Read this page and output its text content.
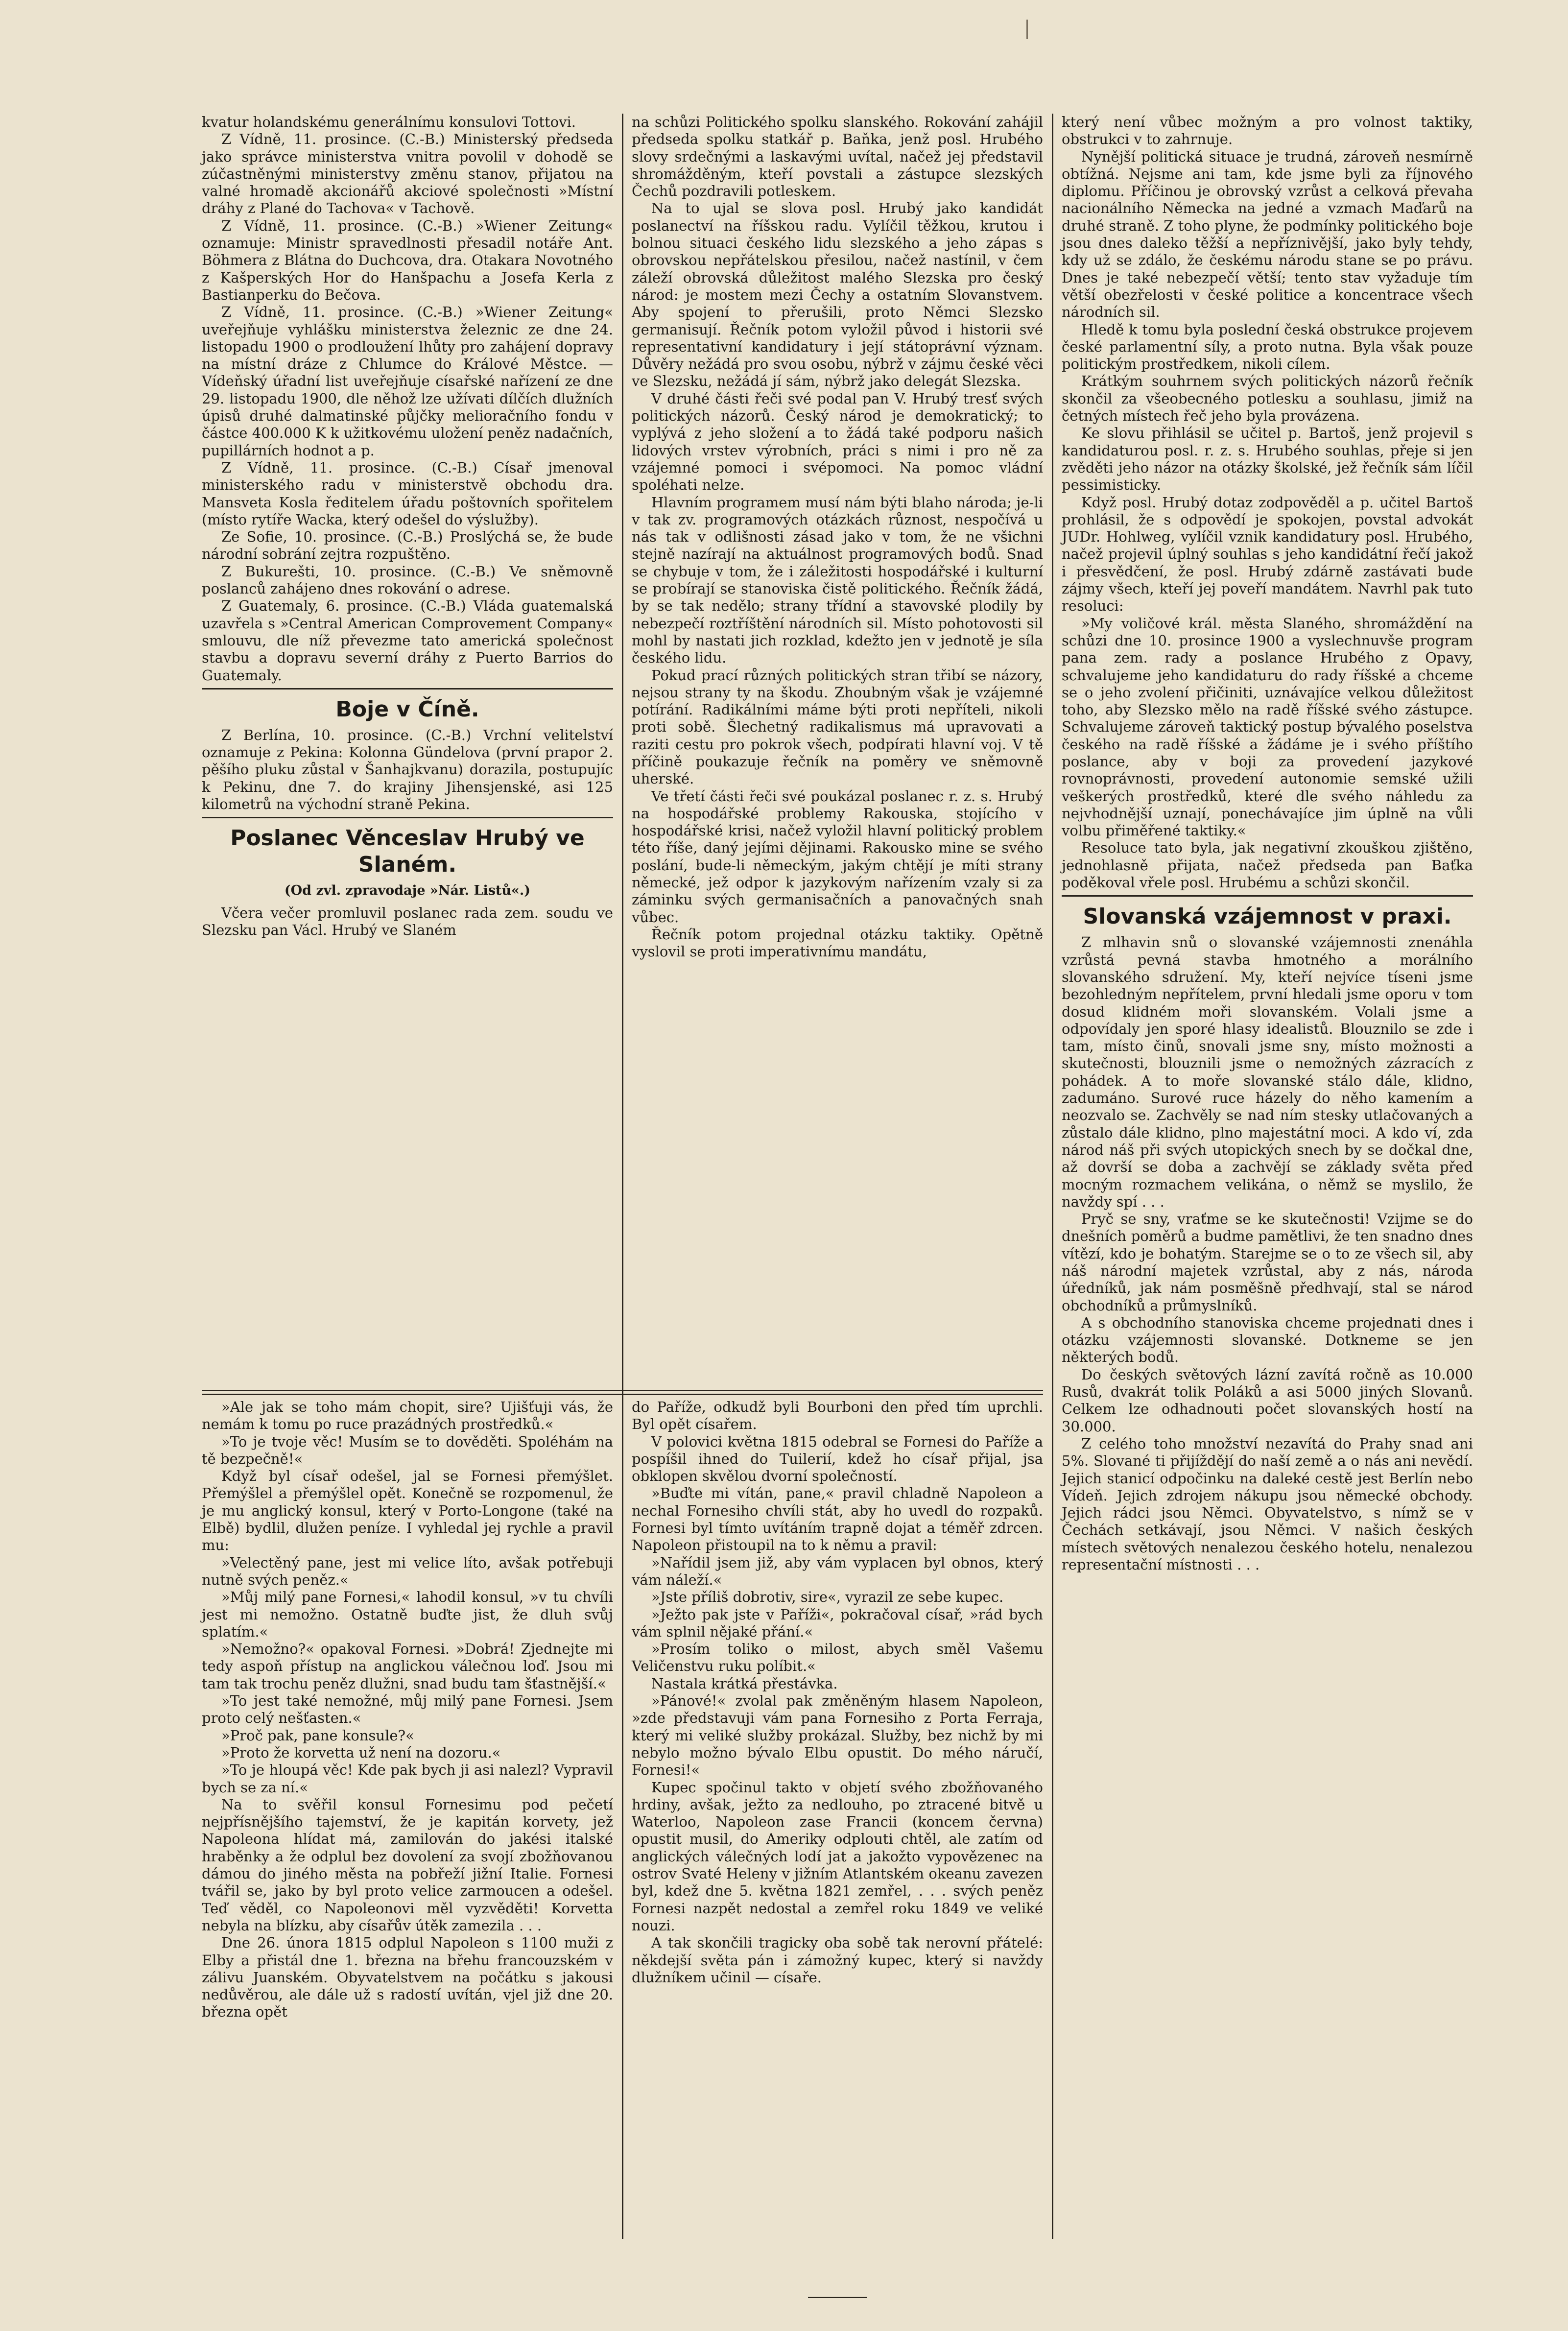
kvatur holandskému generálnímu konsulovi Tottovi.

Z Vídně, 11. prosince. (C.-B.) Ministerský předseda jako správce ministerstva vnitra povolil v dohodě se zúčastněnými ministerstvy změnu stanov, přijatou na valné hromadě akcionářů akciové společnosti »Místní dráhy z Plané do Tachova« v Tachově.

Z Vídně, 11. prosince. (C.-B.) »Wiener Zeitung« oznamuje: Ministr spravedlnosti přesadil notáře Ant. Böhmera z Blátna do Duchcova, dra. Otakara Novotného z Kašperských Hor do Hanšpachu a Josefa Kerla z Bastianperku do Bečova.

Z Vídně, 11. prosince. (C.-B.) »Wiener Zeitung« uveřejňuje vyhlášku ministerstva železnic ze dne 24. listopadu 1900 o prodloužení lhůty pro zahájení dopravy na místní dráze z Chlumce do Králové Městce. — Vídeňský úřadní list uveřejňuje císařské nařízení ze dne 29. listopadu 1900, dle něhož lze užívati dílčích dlužních úpisů druhé dalmatinské půjčky melioračního fondu v částce 400.000 K k užitkovému uložení peněz nadačních, pupillárních hodnot a p.

Z Vídně, 11. prosince. (C.-B.) Císař jmenoval ministerského radu v ministerstvě obchodu dra. Mansveta Kosla ředitelem úřadu poštovních spořitelem (místo rytíře Wacka, který odešel do výslužby).

Ze Sofie, 10. prosince. (C.-B.) Proslýchá se, že bude národní sobrání zejtra rozpuštěno.

Z Bukurešti, 10. prosince. (C.-B.) Ve sněmovně poslanců zahájeno dnes rokování o adrese.

Z Guatemaly, 6. prosince. (C.-B.) Vláda guatemalská uzavřela s »Central American Comprovement Company« smlouvu, dle níž převezme tato americká společnost stavbu a dopravu severní dráhy z Puerto Barrios do Guatemaly.

Boje v Číně.

Z Berlína, 10. prosince. (C.-B.) Vrchní velitelství oznamuje z Pekina: Kolonna Gündelova (první prapor 2. pěšího pluku zůstal v Šanhajkvanu) dorazila, postupujíc k Pekinu, dne 7. do krajiny Jihensjenské, asi 125 kilometrů na východní straně Pekina.

Poslanec Věnceslav Hrubý ve Slaném.
(Od zvl. zpravodaje »Nár. Listů«.)

Včera večer promluvil poslanec rada zem. soudu ve Slezsku pan Václ. Hrubý ve Slaném

na schůzi Politického spolku slanského. Rokování zahájil předseda spolku statkář p. Baňka, jenž posl. Hrubého slovy srdečnými a laskavými uvítal, načež jej představil shromážděným, kteří povstali a zástupce slezských Čechů pozdravili potleskem.

Na to ujal se slova posl. Hrubý jako kandidát poslanectví na říšskou radu. Vylíčil těžkou, krutou i bolnou situaci českého lidu slezského a jeho zápas s obrovskou nepřátelskou přesilou, načež nastínil, v čem záleží obrovská důležitost malého Slezska pro český národ: je mostem mezi Čechy a ostatním Slovanstvem. Aby spojení to přerušili, proto Němci Slezsko germanisují. Řečník potom vyložil původ i historii své representativní kandidatury i její státoprávní význam. Důvěry nežádá pro svou osobu, nýbrž v zájmu české věci ve Slezsku, nežádá jí sám, nýbrž jako delegát Slezska.

V druhé části řeči své podal pan V. Hrubý tresť svých politických názorů. Český národ je demokratický; to vyplývá z jeho složení a to žádá také podporu našich lidových vrstev výrobních, práci s nimi i pro ně za vzájemné pomoci i svépomoci. Na pomoc vládní spoléhati nelze.

Hlavním programem musí nám býti blaho národa; je-li v tak zv. programových otázkách různost, nespočívá u nás tak v odlišnosti zásad jako v tom, že ne všichni stejně nazírají na aktuálnost programových bodů. Snad se chybuje v tom, že i záležitosti hospodářské i kulturní se probírají se stanoviska čistě politického. Řečník žádá, by se tak nedělo; strany třídní a stavovské plodily by nebezpečí roztříštění národních sil. Místo pohotovosti sil mohl by nastati jich rozklad, kdežto jen v jednotě je síla českého lidu.

Pokud prací různých politických stran třibí se názory, nejsou strany ty na škodu. Zhoubným však je vzájemné potírání. Radikálními máme býti proti nepříteli, nikoli proti sobě. Šlechetný radikalismus má upravovati a raziti cestu pro pokrok všech, podpírati hlavní voj. V tě příčině poukazuje řečník na poměry ve sněmovně uherské.

Ve třetí části řeči své poukázal poslanec r. z. s. Hrubý na hospodářské problemy Rakouska, stojícího v hospodářské krisi, načež vyložil hlavní politický problem této říše, daný jejími dějinami. Rakousko mine se svého poslání, bude-li německým, jakým chtějí je míti strany německé, jež odpor k jazykovým nařízením vzaly si za záminku svých germanisačních a panovačných snah vůbec.

Řečník potom projednal otázku taktiky. Opětně vyslovil se proti imperativnímu mandátu,

který není vůbec možným a pro volnost taktiky, obstrukci v to zahrnuje.

Nynější politická situace je trudná, zároveň nesmírně obtížná. Nejsme ani tam, kde jsme byli za říjnového diplomu. Příčinou je obrovský vzrůst a celková převaha nacionálního Německa na jedné a vzmach Maďarů na druhé straně. Z toho plyne, že podmínky politického boje jsou dnes daleko těžší a nepříznivější, jako byly tehdy, kdy už se zdálo, že českému národu stane se po právu. Dnes je také nebezpečí větší; tento stav vyžaduje tím větší obezřelosti v české politice a koncentrace všech národních sil.

Hledě k tomu byla poslední česká obstrukce projevem české parlamentní síly, a proto nutna. Byla však pouze politickým prostředkem, nikoli cílem.

Krátkým souhrnem svých politických názorů řečník skončil za všeobecného potlesku a souhlasu, jimiž na četných místech řeč jeho byla provázena.

Ke slovu přihlásil se učitel p. Bartoš, jenž projevil s kandidaturou posl. r. z. s. Hrubého souhlas, přeje si jen zvěděti jeho názor na otázky školské, jež řečník sám líčil pessimisticky.

Když posl. Hrubý dotaz zodpověděl a p. učitel Bartoš prohlásil, že s odpovědí je spokojen, povstal advokát JUDr. Hohlweg, vylíčil vznik kandidatury posl. Hrubého, načež projevil úplný souhlas s jeho kandidátní řečí jakož i přesvědčení, že posl. Hrubý zdárně zastávati bude zájmy všech, kteří jej poveří mandátem. Navrhl pak tuto resoluci:

»My voličové král. města Slaného, shromáždění na schůzi dne 10. prosince 1900 a vyslechnuvše program pana zem. rady a poslance Hrubého z Opavy, schvalujeme jeho kandidaturu do rady říšské a chceme se o jeho zvolení přičiniti, uznávajíce velkou důležitost toho, aby Slezsko mělo na radě říšské svého zástupce. Schvalujeme zároveň taktický postup bývalého poselstva českého na radě říšské a žádáme je i svého příštího poslance, aby v boji za provedení jazykové rovnoprávnosti, provedení autonomie semské užili veškerých prostředků, které dle svého náhledu za nejvhodnější uznají, ponechávajíce jim úplně na vůli volbu přiměřené taktiky.«

Resoluce tato byla, jak negativní zkouškou zjištěno, jednohlasně přijata, načež předseda pan Baťka poděkoval vřele posl. Hrubému a schůzi skončil.

Slovanská vzájemnost v praxi.

Z mlhavin snů o slovanské vzájemnosti znenáhla vzrůstá pevná stavba hmotného a morálního slovanského sdružení. My, kteří nejvíce tíseni jsme bezohledným nepřítelem, první hledali jsme oporu v tom dosud klidném moři slovanském. Volali jsme a odpovídaly jen sporé hlasy idealistů. Blouznilo se zde i tam, místo činů, snovali jsme sny, místo možnosti a skutečnosti, blouznili jsme o nemožných zázracích z pohádek. A to moře slovanské stálo dále, klidno, zadumáno. Surové ruce házely do něho kamením a neozvalo se. Zachvěly se nad ním stesky utlačovaných a zůstalo dále klidno, plno majestátní moci. A kdo ví, zda národ náš při svých utopických snech by se dočkal dne, až dovrší se doba a zachvějí se základy světa před mocným rozmachem velikána, o němž se myslilo, že navždy spí . . .

Pryč se sny, vraťme se ke skutečnosti! Vzijme se do dnešních poměrů a budme pamětlivi, že ten snadno dnes vítězí, kdo je bohatým. Starejme se o to ze všech sil, aby náš národní majetek vzrůstal, aby z nás, národa úředníků, jak nám posměšně předhvají, stal se národ obchodníků a průmyslníků.

A s obchodního stanoviska chceme projednati dnes i otázku vzájemnosti slovanské. Dotkneme se jen některých bodů.

Do českých světových lázní zavítá ročně as 10.000 Rusů, dvakrát tolik Poláků a asi 5000 jiných Slovanů. Celkem lze odhadnouti počet slovanských hostí na 30.000.

Z celého toho množství nezavítá do Prahy snad ani 5%. Slované ti přijíždějí do naší země a o nás ani nevědí. Jejich stanicí odpočinku na daleké cestě jest Berlín nebo Vídeň. Jejich zdrojem nákupu jsou německé obchody. Jejich rádci jsou Němci. Obyvatelstvo, s nímž se v Čechách setkávají, jsou Němci. V našich českých místech světových nenalezou českého hotelu, nenalezou representační místnosti . . .

»Ale jak se toho mám chopit, sire? Ujišťuji vás, že nemám k tomu po ruce prazádných prostředků.«

»To je tvoje věc! Musím se to dověděti. Spoléhám na tě bezpečně!«

Když byl císař odešel, jal se Fornesi přemýšlet. Přemýšlel a přemýšlel opět. Konečně se rozpomenul, že je mu anglický konsul, který v Porto-Longone (také na Elbě) bydlil, dlužen peníze. I vyhledal jej rychle a pravil mu:

»Velectěný pane, jest mi velice líto, avšak potřebuji nutně svých peněz.«

»Můj milý pane Fornesi,« lahodil konsul, »v tu chvíli jest mi nemožno. Ostatně buďte jist, že dluh svůj splatím.«

»Nemožno?« opakoval Fornesi. »Dobrá! Zjednejte mi tedy aspoň přístup na anglickou válečnou loď. Jsou mi tam tak trochu peněz dlužni, snad budu tam šťastnější.«

»To jest také nemožné, můj milý pane Fornesi. Jsem proto celý nešťasten.«

»Proč pak, pane konsule?«

»Proto že korvetta už není na dozoru.«

»To je hloupá věc! Kde pak bych ji asi nalezl? Vypravil bych se za ní.«

Na to svěřil konsul Fornesimu pod pečetí nejpřísnějšího tajemství, že je kapitán korvety, jež Napoleona hlídat má, zamilován do jakési italské hraběnky a že odplul bez dovolení za svojí zbožňovanou dámou do jiného města na pobřeží jižní Italie. Fornesi tvářil se, jako by byl proto velice zarmoucen a odešel. Teď věděl, co Napoleonovi měl vyzvěděti! Korvetta nebyla na blízku, aby císařův útěk zamezila . . .

Dne 26. února 1815 odplul Napoleon s 1100 muži z Elby a přistál dne 1. března na břehu francouzském v zálivu Juanském. Obyvatelstvem na počátku s jakousi nedůvěrou, ale dále už s radostí uvítán, vjel již dne 20. března opět

do Paříže, odkudž byli Bourboni den před tím uprchli. Byl opět císařem.

V polovici května 1815 odebral se Fornesi do Paříže a pospíšil ihned do Tuilerií, kdež ho císař přijal, jsa obklopen skvělou dvorní společností.

»Buďte mi vítán, pane,« pravil chladně Napoleon a nechal Fornesiho chvíli stát, aby ho uvedl do rozpaků. Fornesi byl tímto uvítáním trapně dojat a téměř zdrcen. Napoleon přistoupil na to k němu a pravil:

»Nařídil jsem již, aby vám vyplacen byl obnos, který vám náleží.«

»Jste příliš dobrotiv, sire«, vyrazil ze sebe kupec.

»Ježto pak jste v Paříži«, pokračoval císař, »rád bych vám splnil nějaké přání.«

»Prosím toliko o milost, abych směl Vašemu Veličenstvu ruku políbit.«

Nastala krátká přestávka.

»Pánové!« zvolal pak změněným hlasem Napoleon, »zde představuji vám pana Fornesiho z Porta Ferraja, který mi veliké služby prokázal. Služby, bez nichž by mi nebylo možno bývalo Elbu opustit. Do mého náručí, Fornesi!«

Kupec spočinul takto v objetí svého zbožňovaného hrdiny, avšak, ježto za nedlouho, po ztracené bitvě u Waterloo, Napoleon zase Francii (koncem června) opustit musil, do Ameriky odplouti chtěl, ale zatím od anglických válečných lodí jat a jakožto vypovězenec na ostrov Svaté Heleny v jižním Atlantském okeanu zavezen byl, kdež dne 5. května 1821 zemřel, . . . svých peněz Fornesi nazpět nedostal a zemřel roku 1849 ve veliké nouzi.

A tak skončili tragicky oba sobě tak nerovní přátelé: někdejší světa pán i zámožný kupec, který si navždy dlužníkem učinil — císaře.
